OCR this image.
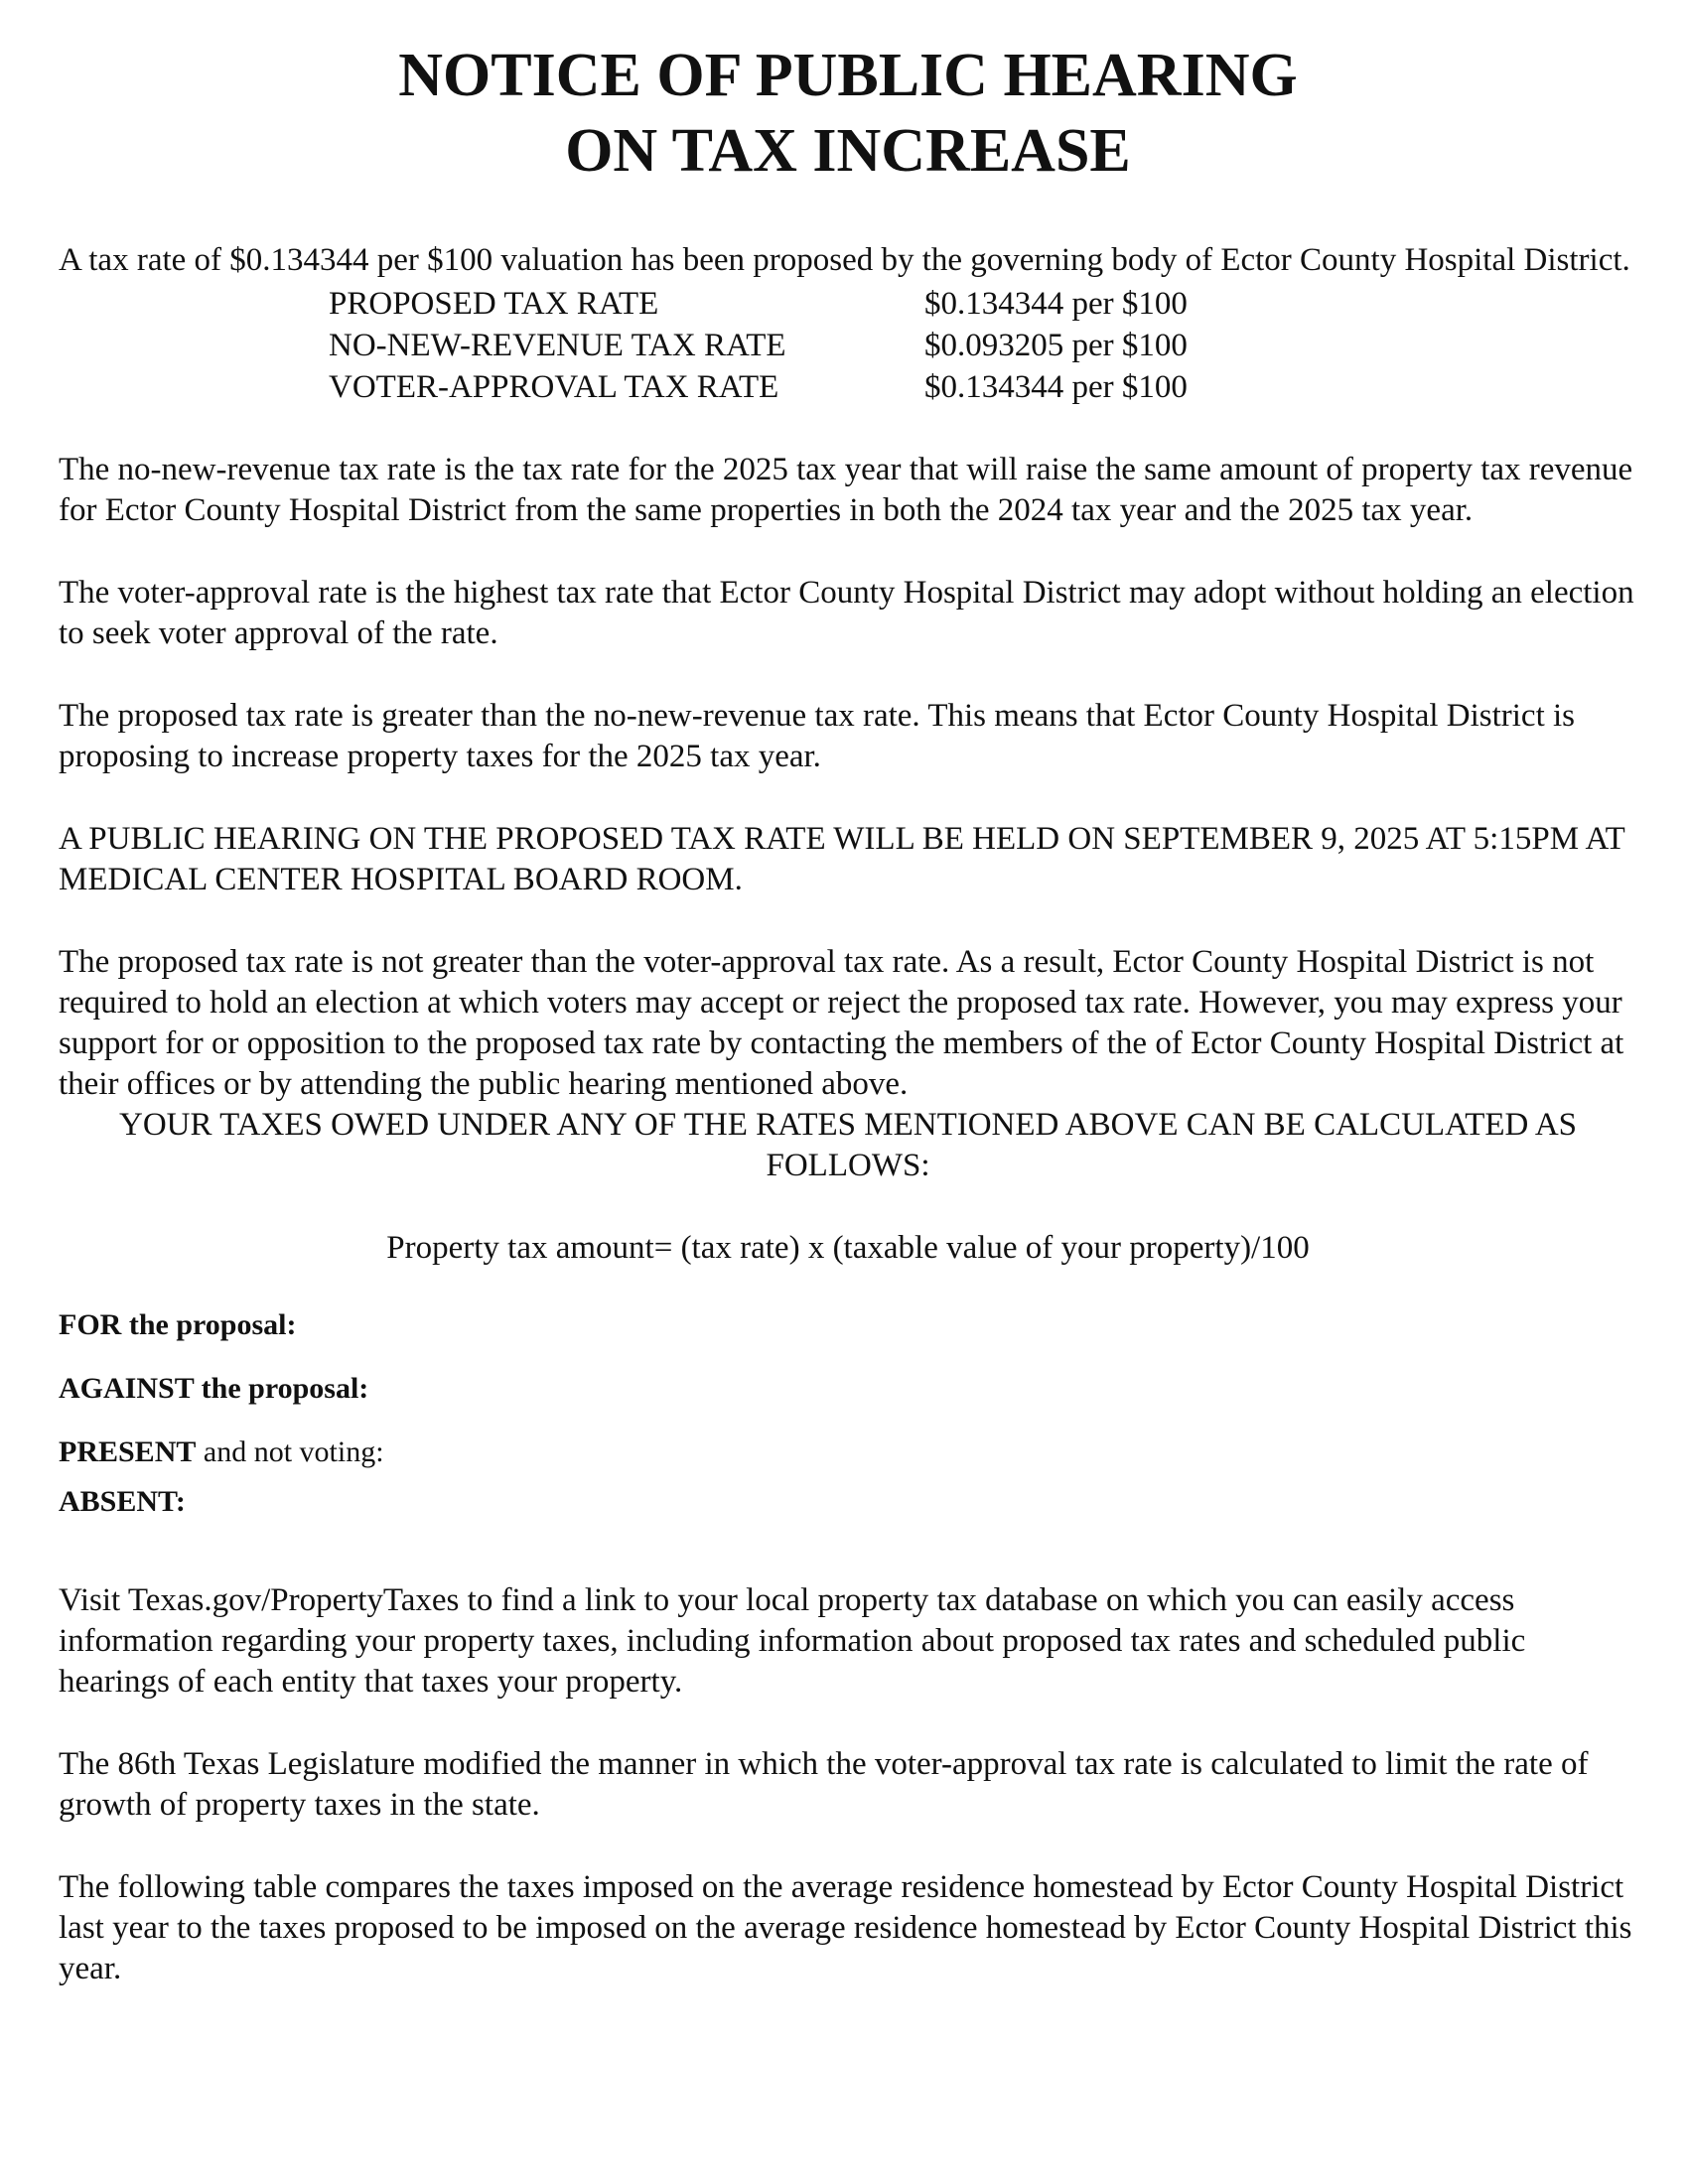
NOTICE OF PUBLIC HEARING
ON TAX INCREASE

A tax rate of $0.134344 per $100 valuation has been proposed by the governing body of Ector County Hospital District.

PROPOSED TAX RATE	$0.134344 per $100
NO-NEW-REVENUE TAX RATE	$0.093205 per $100
VOTER-APPROVAL TAX RATE	$0.134344 per $100

The no-new-revenue tax rate is the tax rate for the 2025 tax year that will raise the same amount of property tax revenue for Ector County Hospital District from the same properties in both the 2024 tax year and the 2025 tax year.

The voter-approval rate is the highest tax rate that Ector County Hospital District may adopt without holding an election to seek voter approval of the rate.

The proposed tax rate is greater than the no-new-revenue tax rate. This means that Ector County Hospital District is proposing to increase property taxes for the 2025 tax year.

A PUBLIC HEARING ON THE PROPOSED TAX RATE WILL BE HELD ON SEPTEMBER 9, 2025 AT 5:15PM AT MEDICAL CENTER HOSPITAL BOARD ROOM.

The proposed tax rate is not greater than the voter-approval tax rate. As a result, Ector County Hospital District is not required to hold an election at which voters may accept or reject the proposed tax rate. However, you may express your support for or opposition to the proposed tax rate by contacting the members of the of Ector County Hospital District at their offices or by attending the public hearing mentioned above.

YOUR TAXES OWED UNDER ANY OF THE RATES MENTIONED ABOVE CAN BE CALCULATED AS FOLLOWS:
Property tax amount= (tax rate) x (taxable value of your property)/100
FOR the proposal:
AGAINST the proposal:
PRESENT and not voting:
ABSENT:

Visit Texas.gov/PropertyTaxes to find a link to your local property tax database on which you can easily access information regarding your property taxes, including information about proposed tax rates and scheduled public hearings of each entity that taxes your property.

The 86th Texas Legislature modified the manner in which the voter-approval tax rate is calculated to limit the rate of growth of property taxes in the state.

The following table compares the taxes imposed on the average residence homestead by Ector County Hospital District last year to the taxes proposed to be imposed on the average residence homestead by Ector County Hospital District this year.
